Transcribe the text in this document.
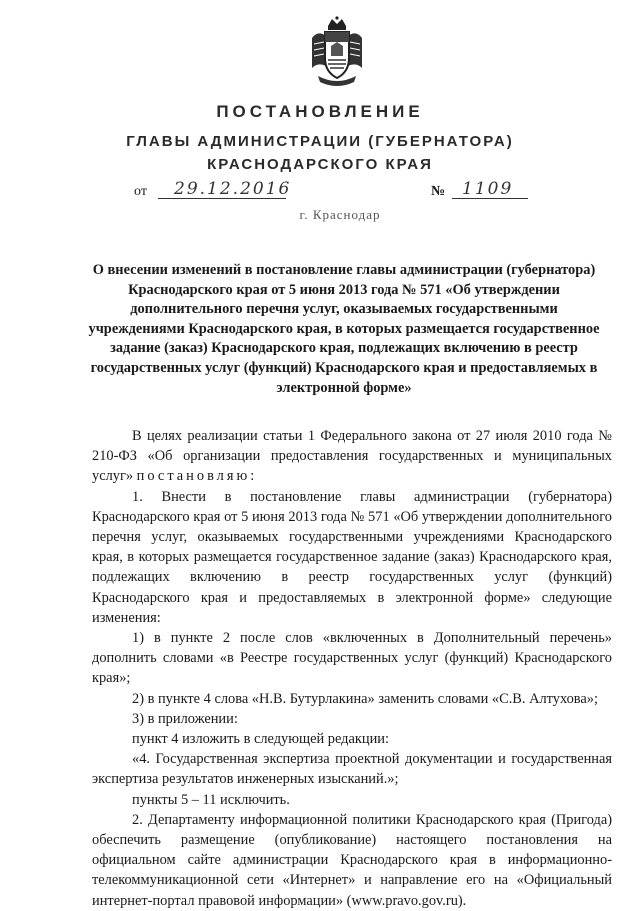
ПОСТАНОВЛЕНИЕ
ГЛАВЫ АДМИНИСТРАЦИИ (ГУБЕРНАТОРА)
КРАСНОДАРСКОГО КРАЯ
от 29.12.2016	№ 1109
г. Краснодар
О внесении изменений в постановление главы администрации (губернатора) Краснодарского края от 5 июня 2013 года № 571 «Об утверждении дополнительного перечня услуг, оказываемых государственными учреждениями Краснодарского края, в которых размещается государственное задание (заказ) Краснодарского края, подлежащих включению в реестр государственных услуг (функций) Краснодарского края и предоставляемых в электронной форме»

В целях реализации статьи 1 Федерального закона от 27 июля 2010 года № 210-ФЗ «Об организации предоставления государственных и муниципальных услуг» постановляю:

1. Внести в постановление главы администрации (губернатора) Краснодарского края от 5 июня 2013 года № 571 «Об утверждении дополнительного перечня услуг, оказываемых государственными учреждениями Краснодарского края, в которых размещается государственное задание (заказ) Краснодарского края, подлежащих включению в реестр государственных услуг (функций) Краснодарского края и предоставляемых в электронной форме» следующие изменения:

1) в пункте 2 после слов «включенных в Дополнительный перечень» дополнить словами «в Реестре государственных услуг (функций) Краснодарского края»;

2) в пункте 4 слова «Н.В. Бутурлакина» заменить словами «С.В. Алтухова»;

3) в приложении:

пункт 4 изложить в следующей редакции:

«4. Государственная экспертиза проектной документации и государственная экспертиза результатов инженерных изысканий.»;

пункты 5 – 11 исключить.

2. Департаменту информационной политики Краснодарского края (Пригода) обеспечить размещение (опубликование) настоящего постановления на официальном сайте администрации Краснодарского края в информационно-телекоммуникационной сети «Интернет» и направление его на «Официальный интернет-портал правовой информации» (www.pravo.gov.ru).
